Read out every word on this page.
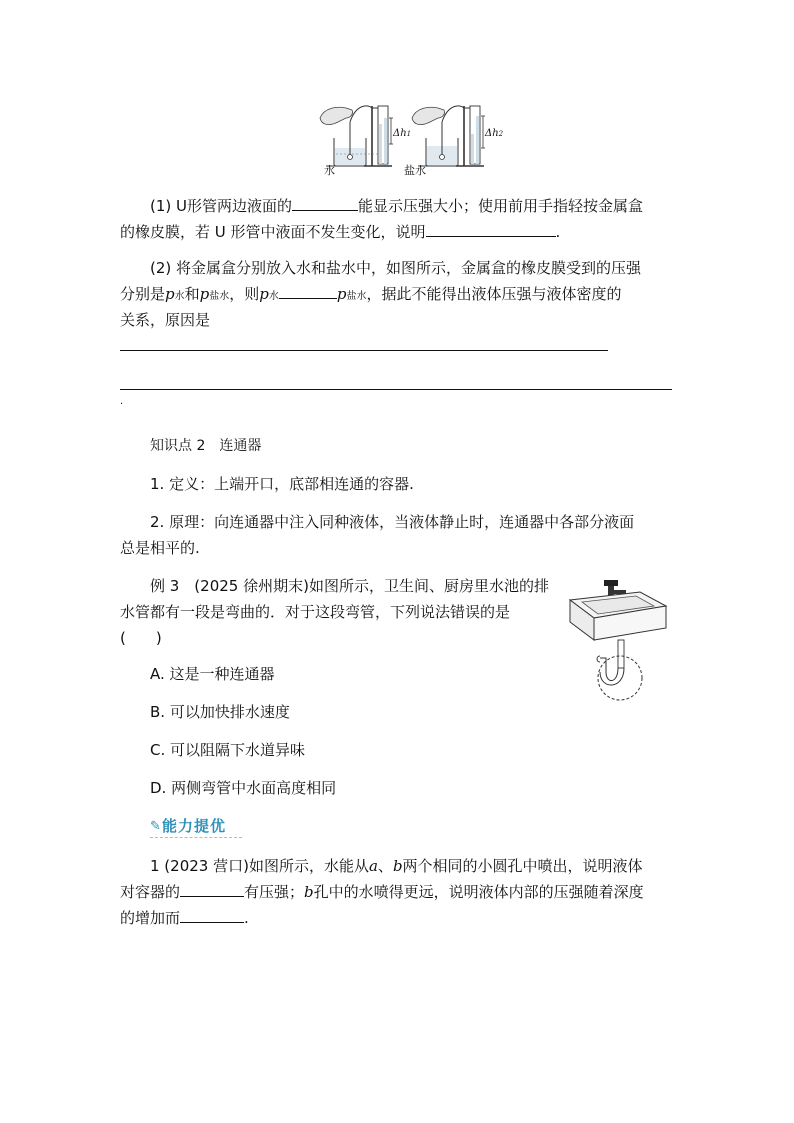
Δh1	Δh2
水	盐水
(1) U形管两边液面的	能显示压强大小；使用前用手指轻按金属盒
的橡皮膜，若 U 形管中液面不发生变化，说明	.
(2) 将金属盒分别放入水和盐水中，如图所示，金属盒的橡皮膜受到的压强
分别是p水和p盐水，则p水	p盐水，据此不能得出液体压强与液体密度的
关系，原因是
.
知识点 2　连通器
1. 定义：上端开口，底部相连通的容器.
2. 原理：向连通器中注入同种液体，当液体静止时，连通器中各部分液面
总是相平的.
例 3　(2025 徐州期末)如图所示，卫生间、厨房里水池的排
水管都有一段是弯曲的．对于这段弯管，下列说法错误的是
(　　)
A. 这是一种连通器
B. 可以加快排水速度
C. 可以阻隔下水道异味
D. 两侧弯管中水面高度相同
✎能力提优
1 (2023 营口)如图所示，水能从a、b两个相同的小圆孔中喷出，说明液体
对容器的	有压强；b孔中的水喷得更远，说明液体内部的压强随着深度
的增加而	.
